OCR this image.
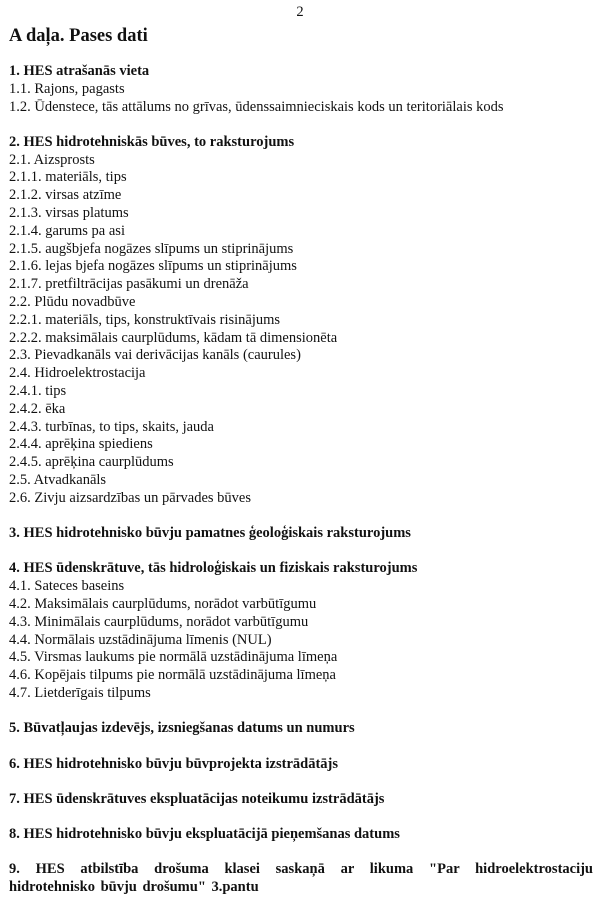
2
A daļa. Pases dati
1. HES atrašanās vieta
1.1. Rajons, pagasts
1.2. Ūdenstece, tās attālums no grīvas, ūdenssaimnieciskais kods un teritoriālais kods
2. HES hidrotehniskās būves, to raksturojums
2.1. Aizsprosts
2.1.1. materiāls, tips
2.1.2. virsas atzīme
2.1.3. virsas platums
2.1.4. garums pa asi
2.1.5. augšbjefa nogāzes slīpums un stiprinājums
2.1.6. lejas bjefa nogāzes slīpums un stiprinājums
2.1.7. pretfiltrācijas pasākumi un drenāža
2.2. Plūdu novadbūve
2.2.1. materiāls, tips, konstruktīvais risinājums
2.2.2. maksimālais caurplūdums, kādam tā dimensionēta
2.3. Pievadkanāls vai derivācijas kanāls (caurules)
2.4. Hidroelektrostacija
2.4.1. tips
2.4.2. ēka
2.4.3. turbīnas, to tips, skaits, jauda
2.4.4. aprēķina spiediens
2.4.5. aprēķina caurplūdums
2.5. Atvadkanāls
2.6. Zivju aizsardzības un pārvades būves
3. HES hidrotehnisko būvju pamatnes ģeoloģiskais raksturojums
4. HES ūdenskrātuve, tās hidroloģiskais un fiziskais raksturojums
4.1. Sateces baseins
4.2. Maksimālais caurplūdums, norādot varbūtīgumu
4.3. Minimālais caurplūdums, norādot varbūtīgumu
4.4. Normālais uzstādinājuma līmenis (NUL)
4.5. Virsmas laukums pie normālā uzstādinājuma līmeņa
4.6. Kopējais tilpums pie normālā uzstādinājuma līmeņa
4.7. Lietderīgais tilpums
5. Būvatļaujas izdevējs, izsniegšanas datums un numurs
6. HES hidrotehnisko būvju būvprojekta izstrādātājs
7. HES ūdenskrātuves ekspluatācijas noteikumu izstrādātājs
8. HES hidrotehnisko būvju ekspluatācijā pieņemšanas datums
9. HES atbilstība drošuma klasei saskaņā ar likuma "Par hidroelektrostaciju hidrotehnisko būvju drošumu" 3.pantu
